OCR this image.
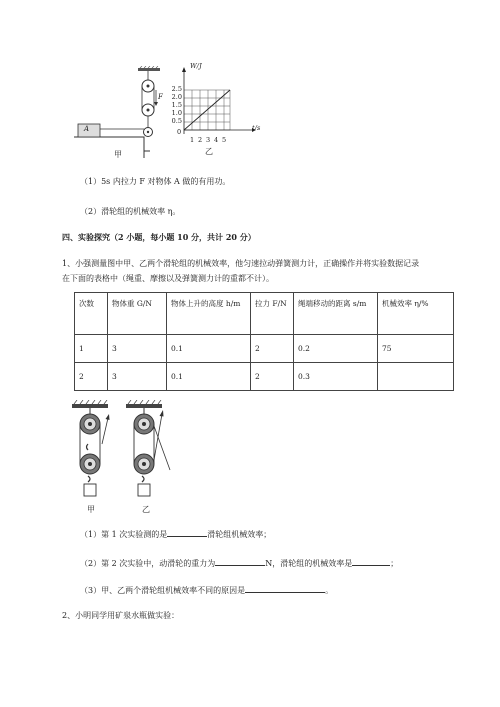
A
F
甲
W/J
t/s
2.5
2.0
1.5
1.0
0.5
0
1 2 3 4 5
乙
（1）5s 内拉力 F 对物体 A 做的有用功。
（2）滑轮组的机械效率 η。
四、实验探究（2 小题，每小题 10 分，共计 20 分）
1、小强测量图中甲、乙两个滑轮组的机械效率，他匀速拉动弹簧测力计，正确操作并将实验数据记录
在下面的表格中（绳重、摩擦以及弹簧测力计的重都不计）。
次数	物体重 G/N	物体上升的高度 h/m	拉力 F/N	绳端移动的距离 s/m	机械效率 η/%
1	3	0.1	2	0.2	75
2	3	0.1	2	0.3	
甲	乙
（1）第 1 次实验测的是	滑轮组机械效率；
（2）第 2 次实验中，动滑轮的重力为	N，滑轮组的机械效率是	；
（3）甲、乙两个滑轮组机械效率不同的原因是	。
2、小明同学用矿泉水瓶做实验：
